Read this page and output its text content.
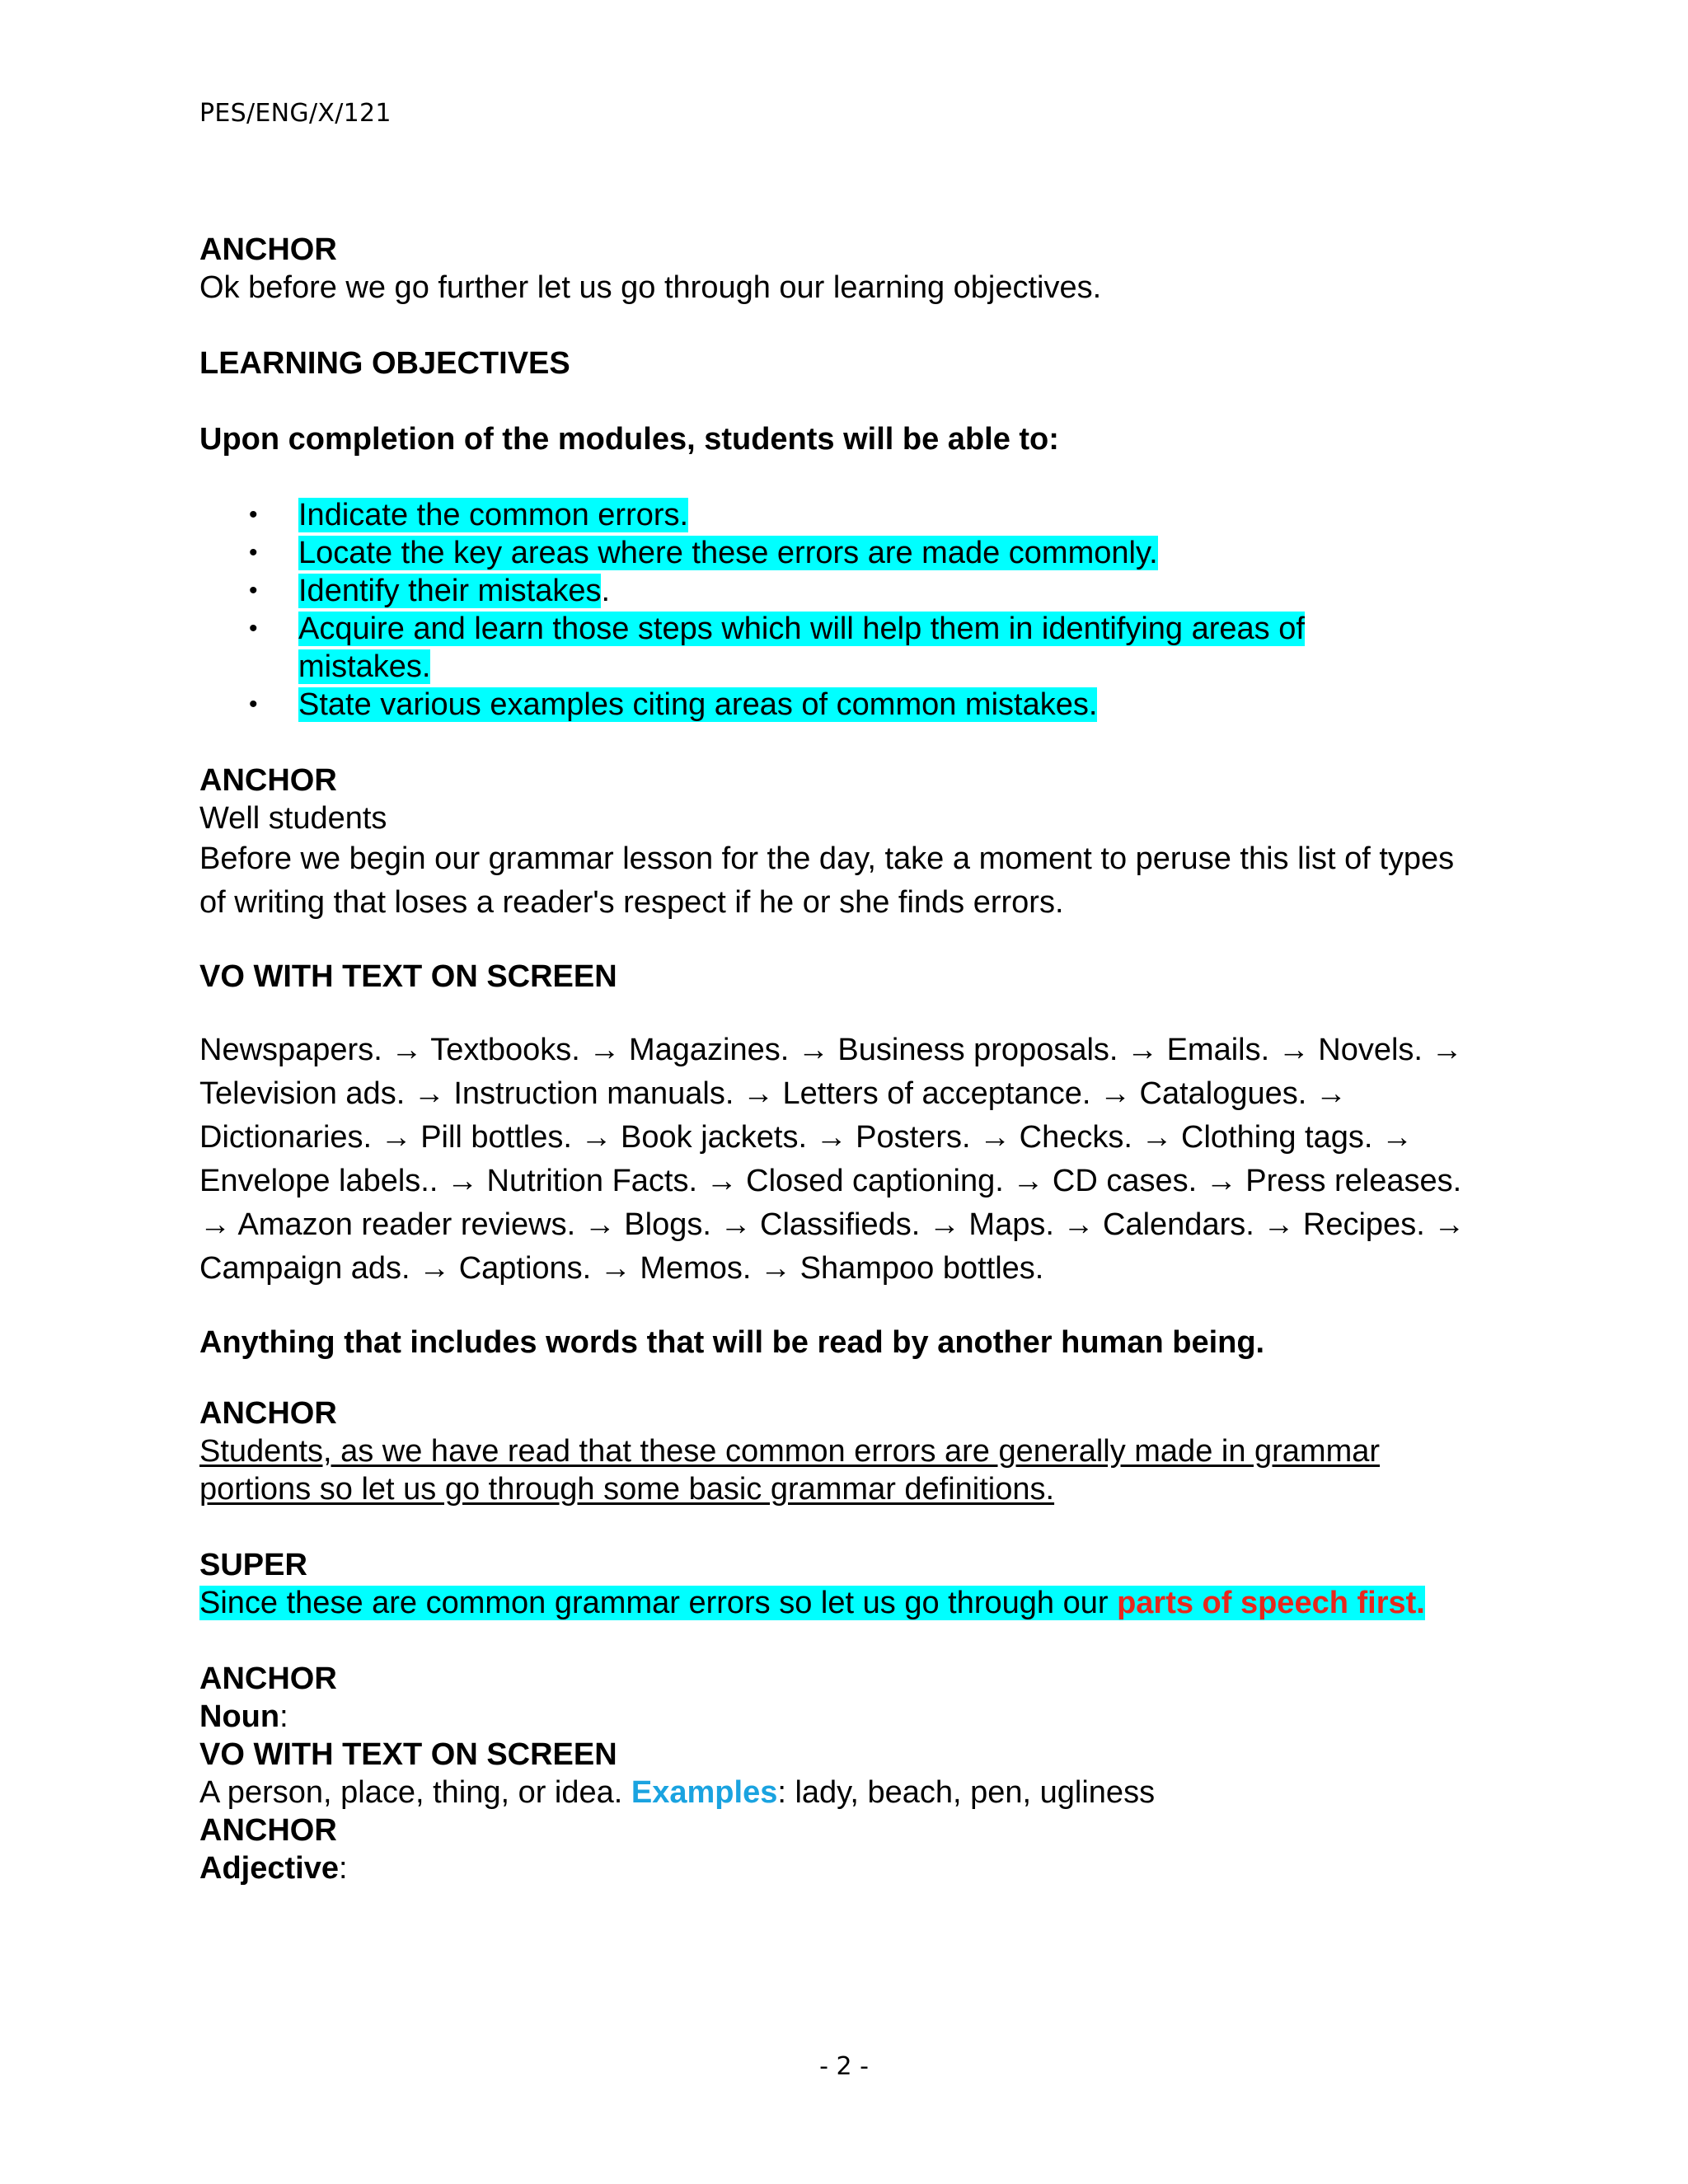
PES/ENG/X/121
ANCHOR
Ok before we go further let us go through our learning objectives.
LEARNING OBJECTIVES
Upon completion of the modules, students will be able to:
• Indicate the common errors.
• Locate the key areas where these errors are made commonly.
• Identify their mistakes.
• Acquire and learn those steps which will help them in identifying areas of mistakes.
• State various examples citing areas of common mistakes.
ANCHOR
Well students
Before we begin our grammar lesson for the day, take a moment to peruse this list of types of writing that loses a reader's respect if he or she finds errors.
VO WITH TEXT ON SCREEN
Newspapers. → Textbooks. → Magazines. → Business proposals. → Emails. → Novels. → Television ads. → Instruction manuals. → Letters of acceptance. → Catalogues. → Dictionaries. → Pill bottles. → Book jackets. → Posters. → Checks. → Clothing tags. → Envelope labels.. → Nutrition Facts. → Closed captioning. → CD cases. → Press releases. → Amazon reader reviews. → Blogs. → Classifieds. → Maps. → Calendars. → Recipes. → Campaign ads. → Captions. → Memos. → Shampoo bottles.
Anything that includes words that will be read by another human being.
ANCHOR
Students, as we have read that these common errors are generally made in grammar portions so let us go through some basic grammar definitions.
SUPER
Since these are common grammar errors so let us go through our parts of speech first.
ANCHOR
Noun:
VO WITH TEXT ON SCREEN
A person, place, thing, or idea. Examples: lady, beach, pen, ugliness
ANCHOR
Adjective:
- 2 -
